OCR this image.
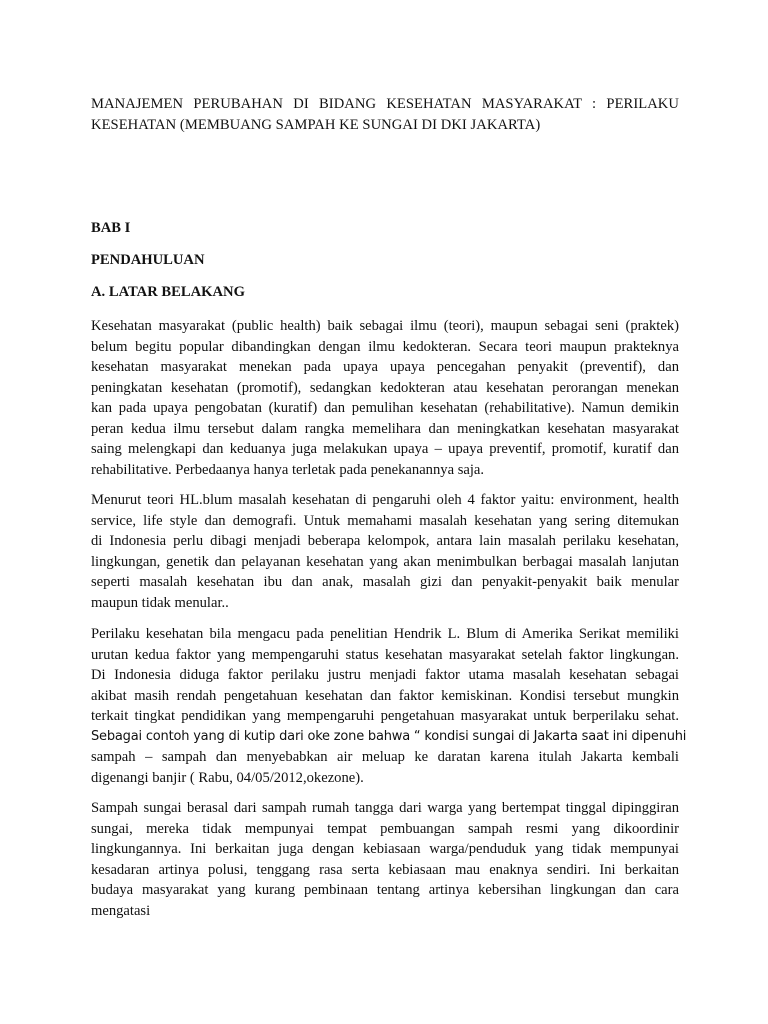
MANAJEMEN PERUBAHAN DI BIDANG KESEHATAN MASYARAKAT : PERILAKU
KESEHATAN (MEMBUANG SAMPAH KE SUNGAI DI DKI JAKARTA)
BAB I
PENDAHULUAN
A. LATAR BELAKANG
Kesehatan masyarakat (public health) baik sebagai ilmu (teori), maupun sebagai seni (praktek)
belum begitu popular dibandingkan dengan ilmu kedokteran. Secara teori maupun prakteknya
kesehatan masyarakat menekan pada upaya upaya pencegahan penyakit (preventif), dan
peningkatan kesehatan (promotif), sedangkan kedokteran atau kesehatan perorangan menekan
kan pada upaya pengobatan (kuratif) dan pemulihan kesehatan (rehabilitative). Namun demikin
peran kedua ilmu tersebut dalam rangka memelihara dan meningkatkan kesehatan masyarakat
saing melengkapi dan keduanya juga melakukan upaya – upaya preventif, promotif, kuratif dan
rehabilitative. Perbedaanya hanya terletak pada penekanannya saja.
Menurut teori HL.blum masalah kesehatan di pengaruhi oleh 4 faktor yaitu: environment, health
service, life style dan demografi. Untuk memahami masalah kesehatan yang sering ditemukan
di Indonesia perlu dibagi menjadi beberapa kelompok, antara lain masalah perilaku kesehatan,
lingkungan, genetik dan pelayanan kesehatan yang akan menimbulkan berbagai masalah lanjutan
seperti masalah kesehatan ibu dan anak, masalah gizi dan penyakit-penyakit baik menular
maupun tidak menular..
Perilaku kesehatan bila mengacu pada penelitian Hendrik L. Blum di Amerika Serikat memiliki
urutan kedua faktor yang mempengaruhi status kesehatan masyarakat setelah faktor lingkungan.
Di Indonesia diduga faktor perilaku justru menjadi faktor utama masalah kesehatan sebagai
akibat masih rendah pengetahuan kesehatan dan faktor kemiskinan. Kondisi tersebut mungkin
terkait tingkat pendidikan yang mempengaruhi pengetahuan masyarakat untuk berperilaku sehat.
Sebagai contoh yang di kutip dari oke zone bahwa “ kondisi sungai di Jakarta saat ini dipenuhi
sampah – sampah dan menyebabkan air meluap ke daratan karena itulah Jakarta kembali
digenangi banjir ( Rabu, 04/05/2012,okezone).
Sampah sungai berasal dari sampah rumah tangga dari warga yang bertempat tinggal dipinggiran
sungai, mereka tidak mempunyai tempat pembuangan sampah resmi yang dikoordinir
lingkungannya. Ini berkaitan juga dengan kebiasaan warga/penduduk yang tidak mempunyai
kesadaran artinya polusi, tenggang rasa serta kebiasaan mau enaknya sendiri. Ini berkaitan
budaya masyarakat yang kurang pembinaan tentang artinya kebersihan lingkungan dan cara
mengatasi
